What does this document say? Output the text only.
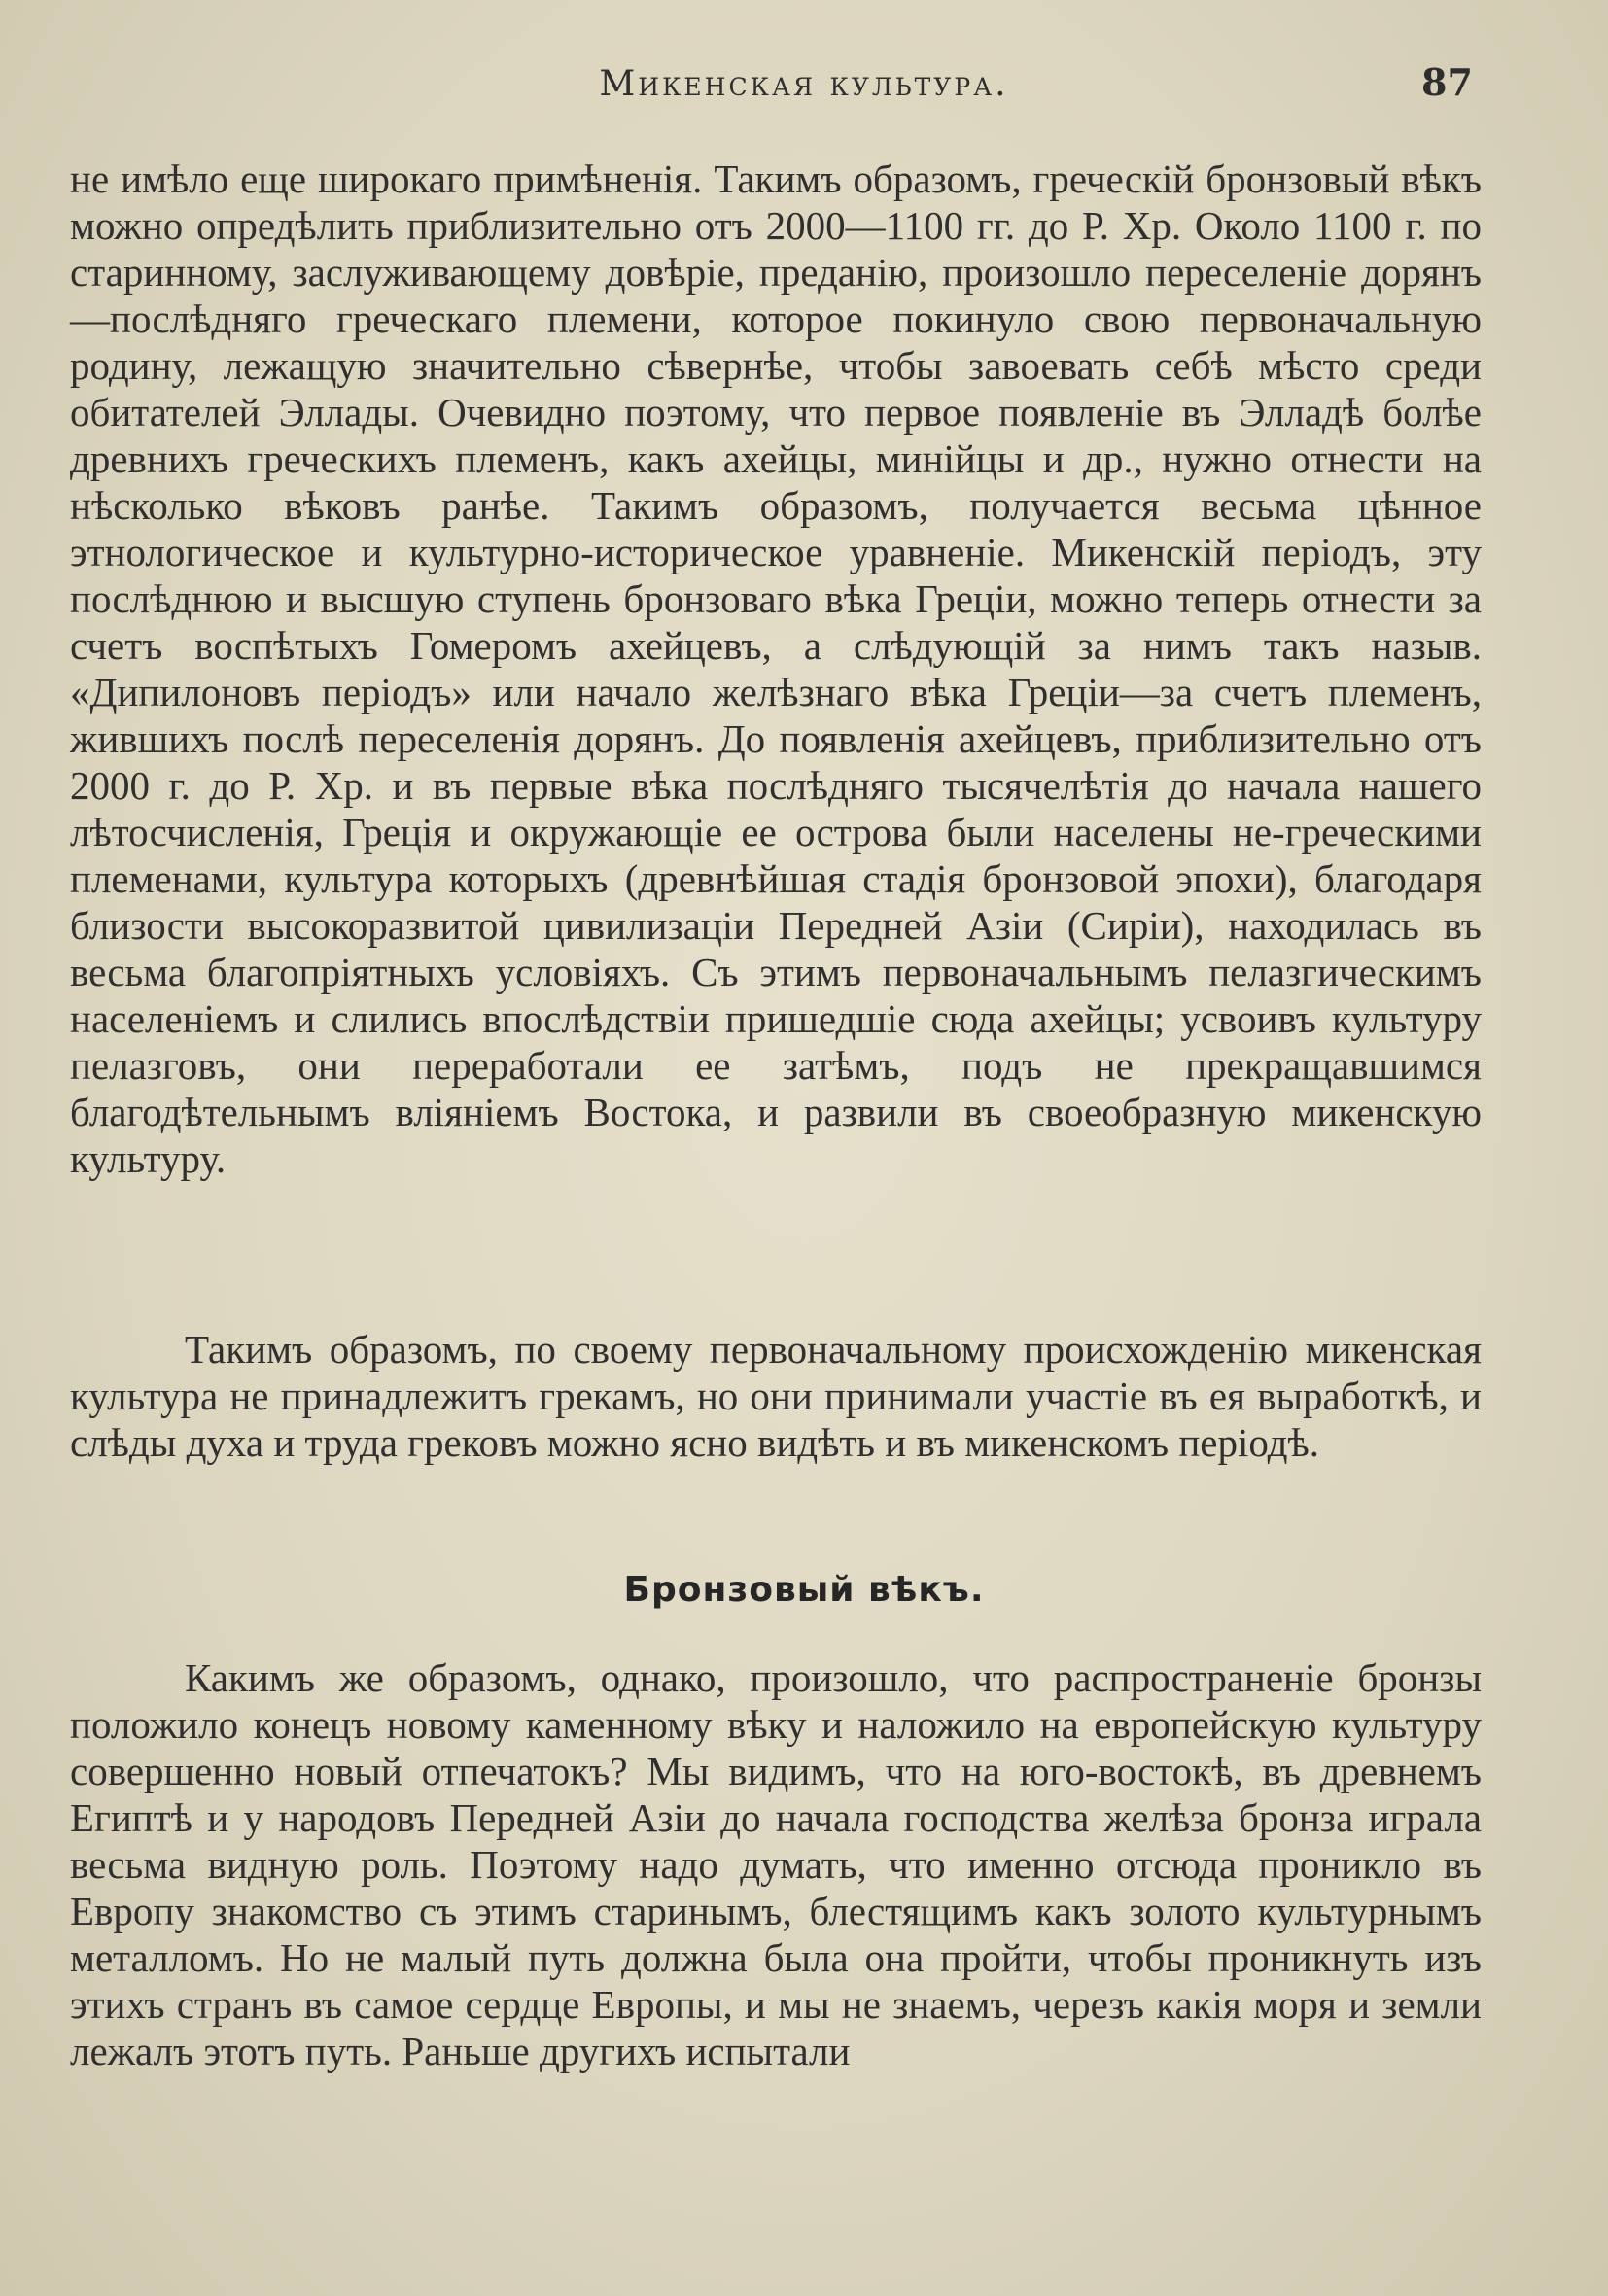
Микенская культура.	87

не имѣло еще широкаго примѣненія. Такимъ образомъ, греческій бронзовый вѣкъ можно опредѣлить приблизительно отъ 2000—1100 гг. до Р. Хр. Около 1100 г. по старинному, заслуживающему довѣріе, преданію, произошло переселеніе дорянъ—послѣдняго греческаго племени, которое покинуло свою первоначальную родину, лежащую значительно сѣвернѣе, чтобы завоевать себѣ мѣсто среди обитателей Эллады. Очевидно поэтому, что первое появленіе въ Элладѣ болѣе древнихъ греческихъ племенъ, какъ ахейцы, минійцы и др., нужно отнести на нѣсколько вѣковъ ранѣе. Такимъ образомъ, получается весьма цѣнное этнологическое и культурно-историческое уравненіе. Микенскій періодъ, эту послѣднюю и высшую ступень бронзоваго вѣка Греціи, можно теперь отнести за счетъ воспѣтыхъ Гомеромъ ахейцевъ, а слѣдующій за нимъ такъ назыв. «Дипилоновъ періодъ» или начало желѣзнаго вѣка Греціи—за счетъ племенъ, жившихъ послѣ переселенія дорянъ. До появленія ахейцевъ, приблизительно отъ 2000 г. до Р. Хр. и въ первые вѣка послѣдняго тысячелѣтія до начала нашего лѣтосчисленія, Греція и окружающіе ее острова были населены не-греческими племенами, культура которыхъ (древнѣйшая стадія бронзовой эпохи), благодаря близости высокоразвитой цивилизаціи Передней Азіи (Сиріи), находилась въ весьма благопріятныхъ условіяхъ. Съ этимъ первоначальнымъ пелазгическимъ населеніемъ и слились впослѣдствіи пришедшіе сюда ахейцы; усвоивъ культуру пелазговъ, они переработали ее затѣмъ, подъ не прекращавшимся благодѣтельнымъ вліяніемъ Востока, и развили въ своеобразную микенскую культуру.

Такимъ образомъ, по своему первоначальному происхожденію микенская культура не принадлежитъ грекамъ, но они принимали участіе въ ея выработкѣ, и слѣды духа и труда грековъ можно ясно видѣть и въ микенскомъ періодѣ.

Бронзовый вѣкъ.

Какимъ же образомъ, однако, произошло, что распространеніе бронзы положило конецъ новому каменному вѣку и наложило на европейскую культуру совершенно новый отпечатокъ? Мы видимъ, что на юго-востокѣ, въ древнемъ Египтѣ и у народовъ Передней Азіи до начала господства желѣза бронза играла весьма видную роль. Поэтому надо думать, что именно отсюда проникло въ Европу знакомство съ этимъ старинымъ, блестящимъ какъ золото культурнымъ металломъ. Но не малый путь должна была она пройти, чтобы проникнуть изъ этихъ странъ въ самое сердце Европы, и мы не знаемъ, черезъ какія моря и земли лежалъ этотъ путь. Раньше другихъ испытали
